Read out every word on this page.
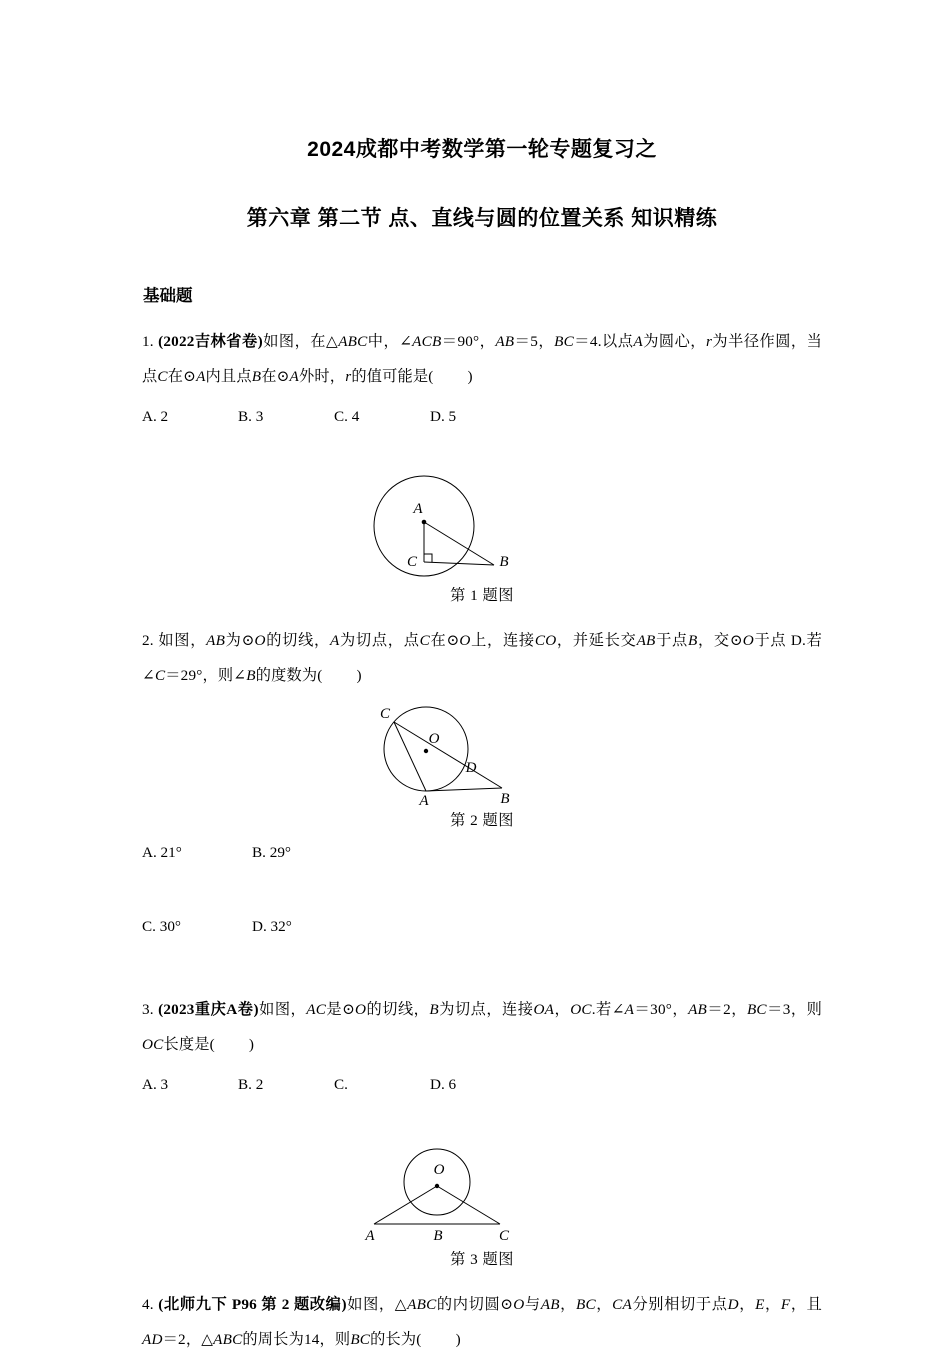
2024成都中考数学第一轮专题复习之
第六章 第二节 点、直线与圆的位置关系 知识精练
基础题
1. (2022吉林省卷)如图，在△ABC中，∠ACB＝90°，AB＝5，BC＝4.以点A为圆心，r为半径作圆，当点C在⊙A内且点B在⊙A外时，r的值可能是( )
A. 2	B. 3	C. 4	D. 5

A
C	B
第 1 题图
2. 如图，AB为⊙O的切线，A为切点，点C在⊙O上，连接CO，并延长交AB于点B，交⊙O于点 D.若∠C＝29°，则∠B的度数为( )
C
O
D
A	B
第 2 题图
A. 21°	B. 29°

C. 30°	D. 32°

3. (2023重庆A卷)如图，AC是⊙O的切线，B为切点，连接OA，OC.若∠A＝30°，AB＝2，BC＝3，则OC长度是( )
A. 3	B. 2	C.	D. 6

O
A	B	C
第 3 题图
4. (北师九下 P96 第 2 题改编)如图，△ABC的内切圆⊙O与AB，BC，CA分别相切于点D，E，F，且AD＝2，△ABC的周长为14，则BC的长为( )
